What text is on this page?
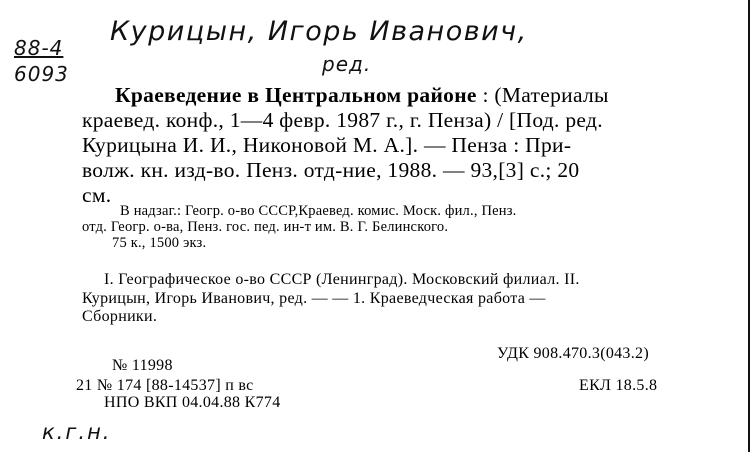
88-4
6093
Курицын, Игорь Иванович,
ред.
к.г.н.
Краеведение в Центральном районе : (Материалы
краевед. конф., 1—4 февр. 1987 г., г. Пенза) / [Под. ред.
Курицына И. И., Никоновой М. А.]. — Пенза : При-
волж. кн. изд-во. Пенз. отд-ние, 1988. — 93,[3] с.; 20
см.
В надзаг.: Геогр. о-во СССР,Краевед. комис. Моск. фил., Пенз.
отд. Геогр. о-ва, Пенз. гос. пед. ин-т им. В. Г. Белинского.
75 к., 1500 экз.
I. Географическое о-во СССР (Ленинград). Московский филиал. II.
Курицын, Игорь Иванович, ред. — — 1. Краеведческая работа —
Сборники.
УДК 908.470.3(043.2)
№ 11998
21 № 174 [88-14537] п вс	ЕКЛ 18.5.8
НПО ВКП 04.04.88 К774
